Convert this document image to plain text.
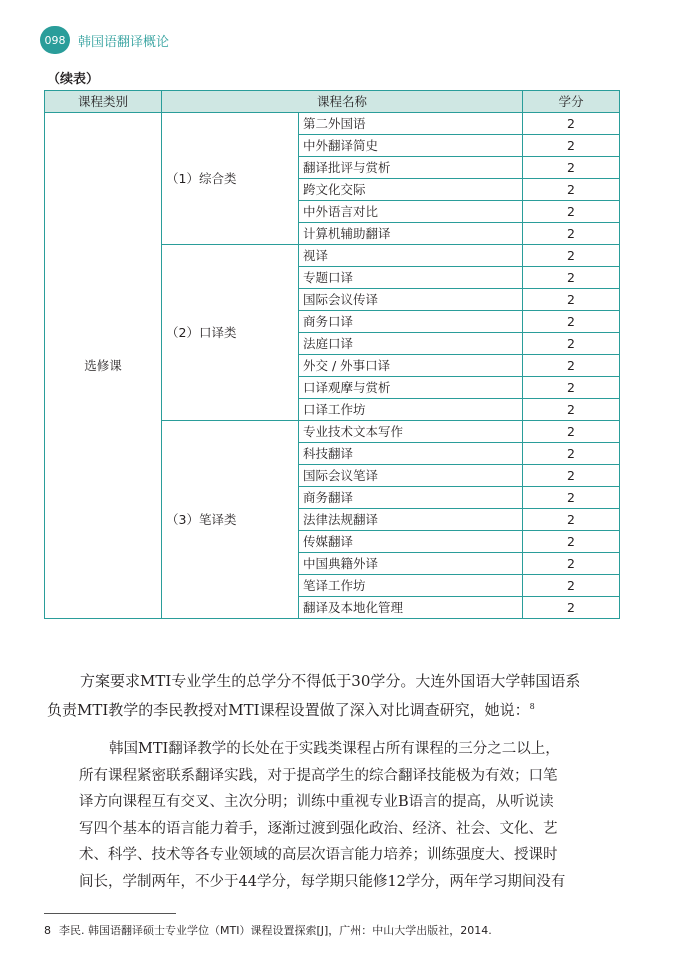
098 韩国语翻译概论
（续表）
课程类别	课程名称		学分
选修课	（1）综合类	第二外国语	2
		中外翻译简史	2
		翻译批评与赏析	2
		跨文化交际	2
		中外语言对比	2
		计算机辅助翻译	2
	（2）口译类	视译	2
		专题口译	2
		国际会议传译	2
		商务口译	2
		法庭口译	2
		外交 / 外事口译	2
		口译观摩与赏析	2
		口译工作坊	2
	（3）笔译类	专业技术文本写作	2
		科技翻译	2
		国际会议笔译	2
		商务翻译	2
		法律法规翻译	2
		传媒翻译	2
		中国典籍外译	2
		笔译工作坊	2
		翻译及本地化管理	2
方案要求MTI专业学生的总学分不得低于30学分。大连外国语大学韩国语系
负责MTI教学的李民教授对MTI课程设置做了深入对比调查研究，她说：$^8$
韩国MTI翻译教学的长处在于实践类课程占所有课程的三分之二以上，
所有课程紧密联系翻译实践，对于提高学生的综合翻译技能极为有效；口笔
译方向课程互有交叉、主次分明；训练中重视专业B语言的提高，从听说读
写四个基本的语言能力着手，逐渐过渡到强化政治、经济、社会、文化、艺
术、科学、技术等各专业领域的高层次语言能力培养；训练强度大、授课时
间长，学制两年，不少于44学分，每学期只能修12学分，两年学习期间没有
8 李民. 韩国语翻译硕士专业学位（MTI）课程设置探索[J]，广州：中山大学出版社，2014.
